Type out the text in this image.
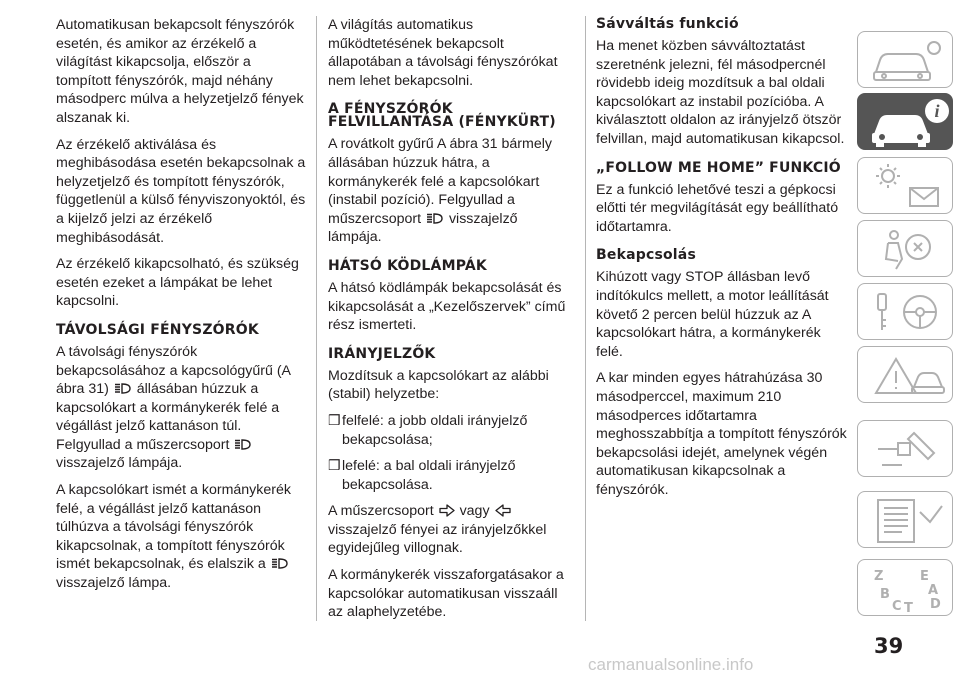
Automatikusan bekapcsolt fényszórók esetén, és amikor az érzékelő a világítást kikapcsolja, először a tompított fényszórók, majd néhány másodperc múlva a helyzetjelző fények alszanak ki.

Az érzékelő aktiválása és meghibásodása esetén bekapcsolnak a helyzetjelző és tompított fényszórók, függetlenül a külső fényviszonyoktól, és a kijelző jelzi az érzékelő meghibásodását.

Az érzékelő kikapcsolható, és szükség esetén ezeket a lámpákat be lehet kapcsolni.

TÁVOLSÁGI FÉNYSZÓRÓK

A távolsági fényszórók bekapcsolásához a kapcsológyűrű (A ábra 31) állásában húzzuk a kapcsolókart a kormánykerék felé a végállást jelző kattanáson túl. Felgyullad a műszercsoport  visszajelző lámpája.

A kapcsolókart ismét a kormánykerék felé, a végállást jelző kattanáson túlhúzva a távolsági fényszórók kikapcsolnak, a tompított fényszórók ismét bekapcsolnak, és elalszik a  visszajelző lámpa.

A világítás automatikus működtetésének bekapcsolt állapotában a távolsági fényszórókat nem lehet bekapcsolni.

A FÉNYSZÓRÓK FELVILLANTÁSA (FÉNYKÜRT)

A rovátkolt gyűrű A ábra 31 bármely állásában húzzuk hátra, a kormánykerék felé a kapcsolókart (instabil pozíció). Felgyullad a műszercsoport visszajelző lámpája.

HÁTSÓ KÖDLÁMPÁK

A hátsó ködlámpák bekapcsolását és kikapcsolását a „Kezelőszervek” című rész ismerteti.

IRÁNYJELZŐK

Mozdítsuk a kapcsolókart az alábbi (stabil) helyzetbe:

❒ felfelé: a jobb oldali irányjelző bekapcsolása;
❒ lefelé: a bal oldali irányjelző bekapcsolása.

A műszercsoport vagy  visszajelző fényei az irányjelzőkkel egyidejűleg villognak.

A kormánykerék visszaforgatásakor a kapcsolókar automatikusan visszaáll az alaphelyzetébe.

Sávváltás funkció

Ha menet közben sávváltoztatást szeretnénk jelezni, fél másodpercnél rövidebb ideig mozdítsuk a bal oldali kapcsolókart az instabil pozícióba. A kiválasztott oldalon az irányjelző ötször felvillan, majd automatikusan kikapcsol.

„FOLLOW ME HOME” FUNKCIÓ

Ez a funkció lehetővé teszi a gépkocsi előtti tér megvilágítását egy beállítható időtartamra.

Bekapcsolás

Kihúzott vagy STOP állásban levő indítókulcs mellett, a motor leállítását követő 2 percen belül húzzuk az A kapcsolókart hátra, a kormánykerék felé.

A kar minden egyes hátrahúzása 30 másodperccel, maximum 210 másodperces időtartamra meghosszabbítja a tompított fényszórók bekapcsolási idejét, amelynek végén automatikusan kikapcsolnak a fényszórók.

i
Z	E
A
B
C T D
39
carmanualsonline.info
